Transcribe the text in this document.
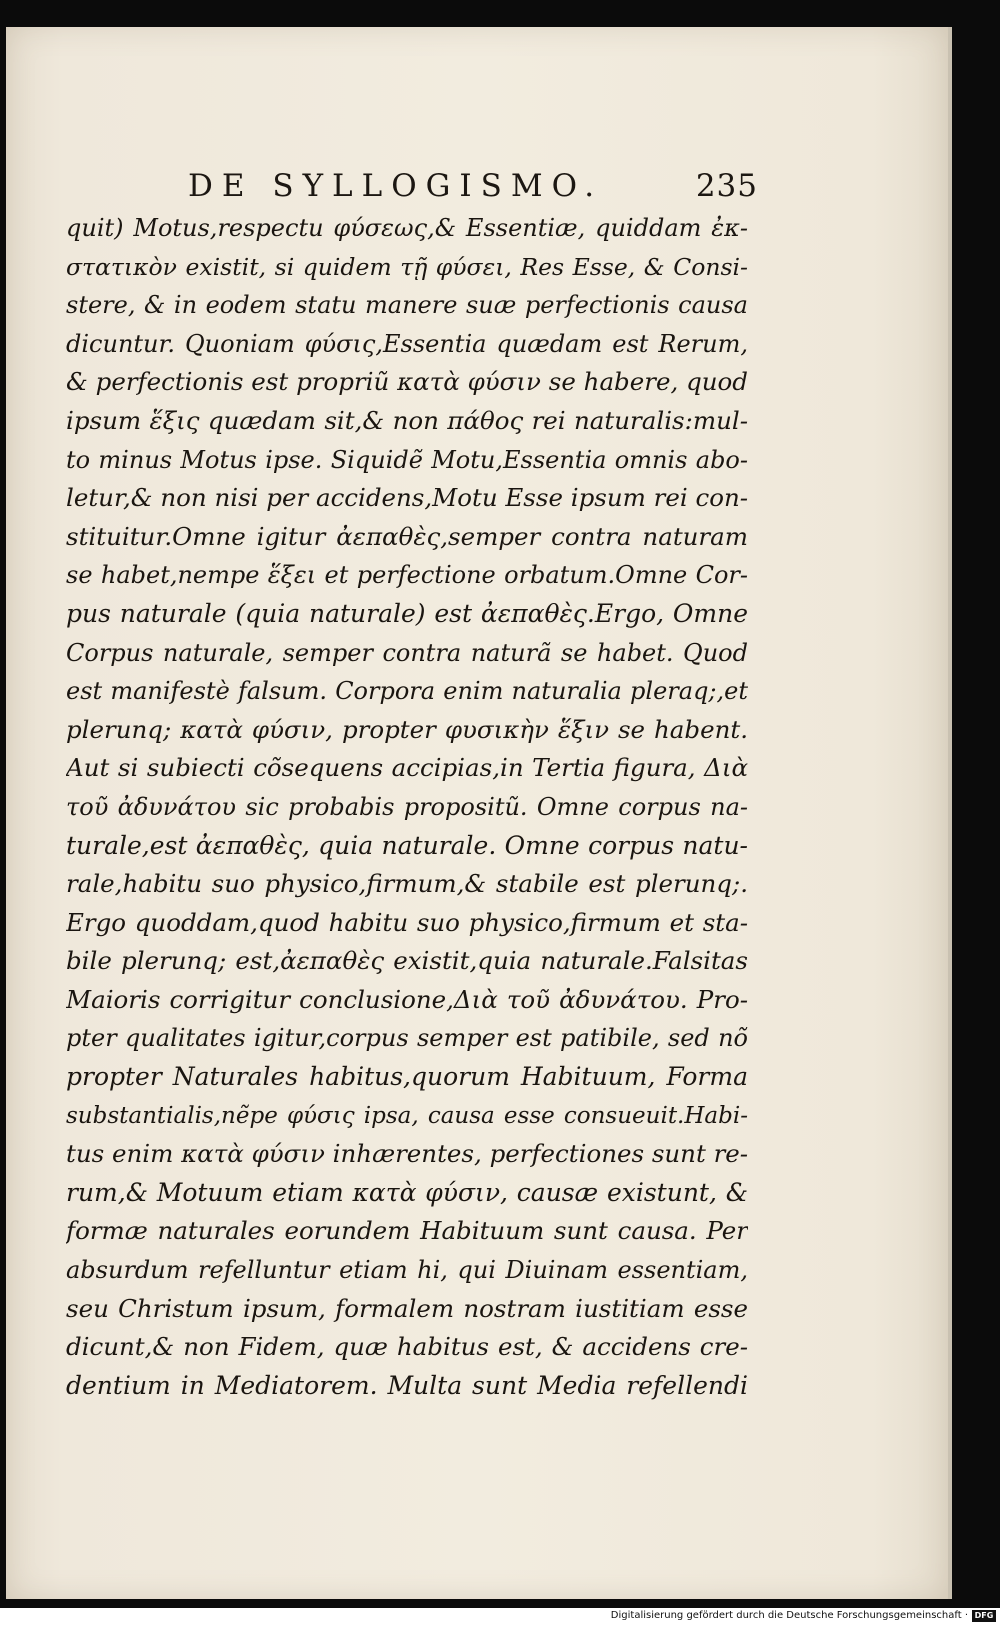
DE SYLLOGISMO.	235
quit) Motus,respectu φύσεως,& Essentiæ, quiddam ἐκ-
στατικὸν existit, si quidem τῇ φύσει, Res Esse, & Consi-
stere, & in eodem statu manere suæ perfectionis causa
dicuntur. Quoniam φύσις,Essentia quædam est Rerum,
& perfectionis est propriũ κατὰ φύσιν se habere, quod
ipsum ἕξις quædam sit,& non πάθος rei naturalis:mul-
to minus Motus ipse. Siquidẽ Motu,Essentia omnis abo-
letur,& non nisi per accidens,Motu Esse ipsum rei con-
stituitur.Omne igitur ἀεπαθὲς,semper contra naturam
se habet,nempe ἕξει et perfectione orbatum.Omne Cor-
pus naturale (quia naturale) est ἀεπαθὲς.Ergo, Omne
Corpus naturale, semper contra naturã se habet. Quod
est manifestè falsum. Corpora enim naturalia pleraq;,et
plerunq; κατὰ φύσιν, propter φυσικὴν ἕξιν se habent.
Aut si subiecti cõsequens accipias,in Tertia figura, Διὰ
τοῦ ἀδυνάτου sic probabis propositũ. Omne corpus na-
turale,est ἀεπαθὲς, quia naturale. Omne corpus natu-
rale,habitu suo physico,firmum,& stabile est plerunq;.
Ergo quoddam,quod habitu suo physico,firmum et sta-
bile plerunq; est,ἀεπαθὲς existit,quia naturale.Falsitas
Maioris corrigitur conclusione,Διὰ τοῦ ἀδυνάτου. Pro-
pter qualitates igitur,corpus semper est patibile, sed nõ
propter Naturales habitus,quorum Habituum, Forma
substantialis,nẽpe φύσις ipsa, causa esse consueuit.Habi-
tus enim κατὰ φύσιν inhærentes, perfectiones sunt re-
rum,& Motuum etiam κατὰ φύσιν, causæ existunt, &
formæ naturales eorundem Habituum sunt causa. Per
absurdum refelluntur etiam hi, qui Diuinam essentiam,
seu Christum ipsum, formalem nostram iustitiam esse
dicunt,& non Fidem, quæ habitus est, & accidens cre-
dentium in Mediatorem. Multa sunt Media refellendi
Digitalisierung gefördert durch die Deutsche Forschungsgemeinschaft · DFG
